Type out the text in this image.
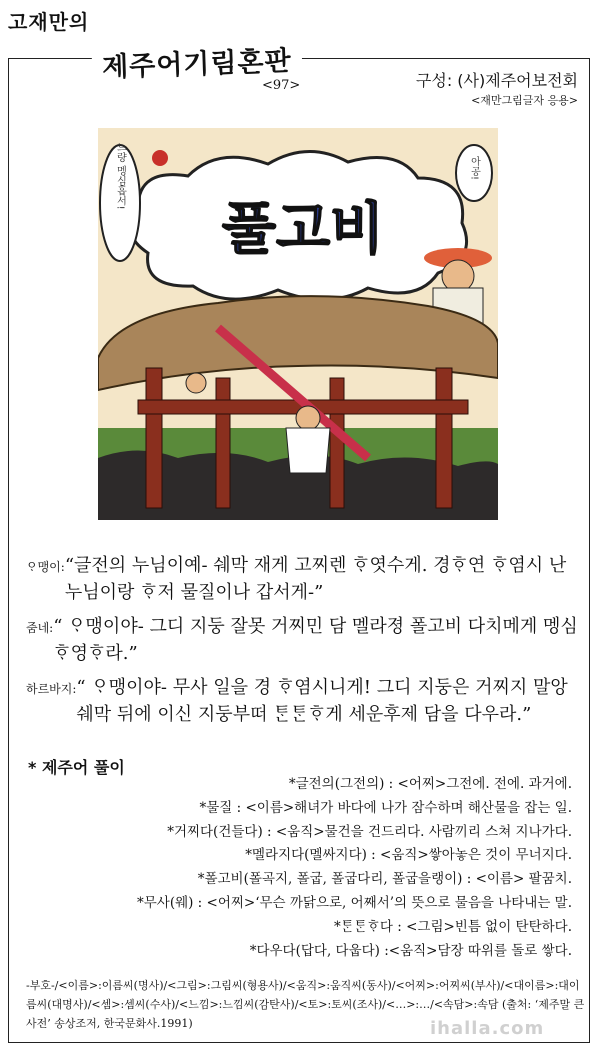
고재만의
제주어기림혼판
<97>	구성: (사)제주어보전회
<재만그림글자 응용>
풀고비
느량 멩심흡서!	아공!
ᄋᆞ맹이: “글전의 누님이예- 쉐막 재게 고찌렌 ᄒᆞ엿수게. 경ᄒᆞ연 ᄒᆞ염시 난 누님이랑 ᄒᆞ저 물질이나 갑서게-”
줌네: “ ᄋᆞ맹이야- 그디 지둥 잘못 거찌민 담 멜라졍 폴고비 다치메게 멩심ᄒᆞ영ᄒᆞ라.”
하르바지: “ ᄋᆞ맹이야- 무사 일을 경 ᄒᆞ염시니게! 그디 지둥은 거찌지 말앙 쉐막 뒤에 이신 지둥부떠 ᄐᆞᆫᄐᆞᆫᄒᆞ게 세운후제 담을 다우라.”
* 제주어 풀이
*글전의(그전의) : <어찌>그전에. 전에. 과거에.
*물질 : <이름>해녀가 바다에 나가 잠수하며 해산물을 잡는 일.
*거찌다(건들다) : <움직>물건을 건드리다. 사람끼리 스쳐 지나가다.
*멜라지다(멜싸지다) : <움직>쌓아놓은 것이 무너지다.
*폴고비(폴곡지, 폴굽, 폴굽다리, 폴굽을랭이) : <이름> 팔꿈치.
*무사(웨) : <어찌>‘무슨 까닭으로, 어째서’의 뜻으로 물음을 나타내는 말.
*ᄐᆞᆫᄐᆞᆫᄒᆞ다 : <그림>빈틈 없이 탄탄하다.
*다우다(답다, 다웁다) :<움직>담장 따위를 돌로 쌓다.
-부호-/<이름>:이름씨(명사)/<그림>:그림씨(형용사)/<움직>:움직씨(동사)/<어찌>:어찌씨(부사)/<대이름>:대이름씨(대명사)/<셈>:셈씨(수사)/<느낌>:느낌씨(감탄사)/<토>:토씨(조사)/<…>:…/<속담>:속담 (출처: ‘제주말 큰사전’ 송상조저, 한국문화사.1991)	ihalla.com
